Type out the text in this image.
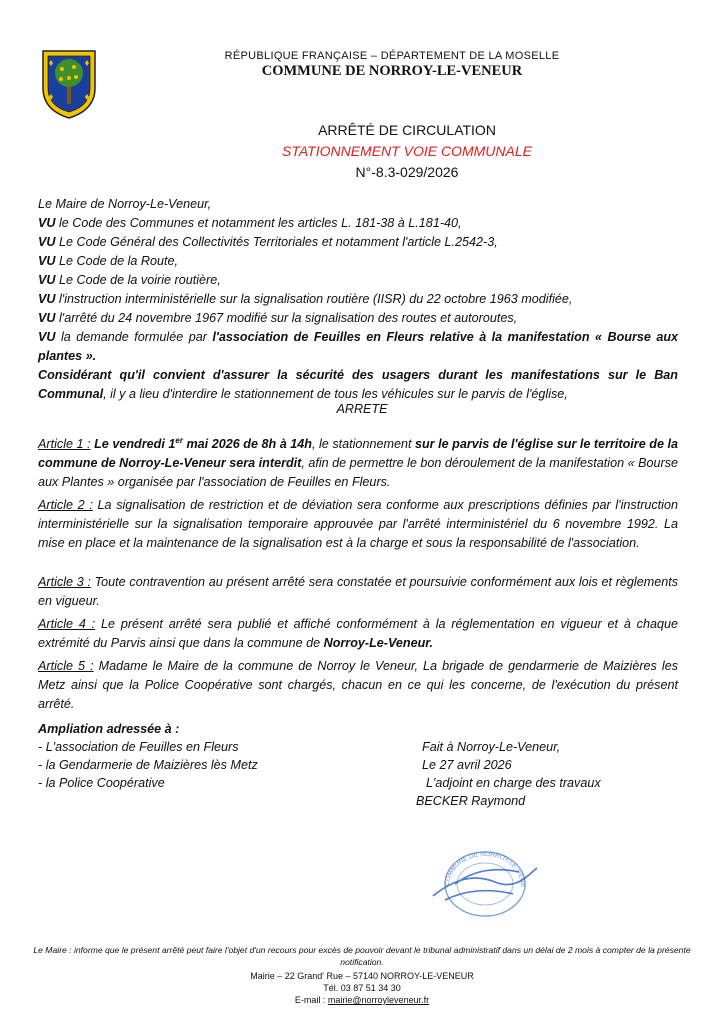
RÉPUBLIQUE FRANÇAISE – DÉPARTEMENT DE LA MOSELLE
COMMUNE DE NORROY-LE-VENEUR
ARRÊTÉ DE CIRCULATION
STATIONNEMENT VOIE COMMUNALE
N°-8.3-029/2026
Le Maire de Norroy-Le-Veneur,
VU le Code des Communes et notamment les articles L. 181-38 à L.181-40,
VU Le Code Général des Collectivités Territoriales et notamment l'article L.2542-3,
VU Le Code de la Route,
VU Le Code de la voirie routière,
VU l'instruction interministérielle sur la signalisation routière (IISR) du 22 octobre 1963 modifiée,
VU l'arrêté du 24 novembre 1967 modifié sur la signalisation des routes et autoroutes,
VU la demande formulée par l'association de Feuilles en Fleurs relative à la manifestation « Bourse aux plantes ».
Considérant qu'il convient d'assurer la sécurité des usagers durant les manifestations sur le Ban Communal, il y a lieu d'interdire le stationnement de tous les véhicules sur le parvis de l'église,
ARRETE
Article 1 : Le vendredi 1er mai 2026 de 8h à 14h, le stationnement sur le parvis de l'église sur le territoire de la commune de Norroy-Le-Veneur sera interdit, afin de permettre le bon déroulement de la manifestation « Bourse aux Plantes » organisée par l'association de Feuilles en Fleurs.
Article 2 : La signalisation de restriction et de déviation sera conforme aux prescriptions définies par l'instruction interministérielle sur la signalisation temporaire approuvée par l'arrêté interministériel du 6 novembre 1992. La mise en place et la maintenance de la signalisation est à la charge et sous la responsabilité de l'association.
Article 3 : Toute contravention au présent arrêté sera constatée et poursuivie conformément aux lois et règlements en vigueur.
Article 4 : Le présent arrêté sera publié et affiché conformément à la réglementation en vigueur et à chaque extrémité du Parvis ainsi que dans la commune de Norroy-Le-Veneur.
Article 5 : Madame le Maire de la commune de Norroy le Veneur, La brigade de gendarmerie de Maizières les Metz ainsi que la Police Coopérative sont chargés, chacun en ce qui les concerne, de l'exécution du présent arrêté.
Ampliation adressée à :
- L'association de Feuilles en Fleurs
- la Gendarmerie de Maizières lès Metz
- la Police Coopérative
Fait à Norroy-Le-Veneur,
Le 27 avril 2026
L'adjoint en charge des travaux
BECKER Raymond
COMMUNE DE NORROY-LE-VENE
Le Maire : informe que le présent arrêté peut faire l'objet d'un recours pour excès de pouvoir devant le tribunal administratif dans un délai de 2 mois à compter de la présente notification.
Mairie – 22 Grand' Rue – 57140 NORROY-LE-VENEUR
Tél. 03 87 51 34 30
E-mail : mairie@norroyleveneur.fr
